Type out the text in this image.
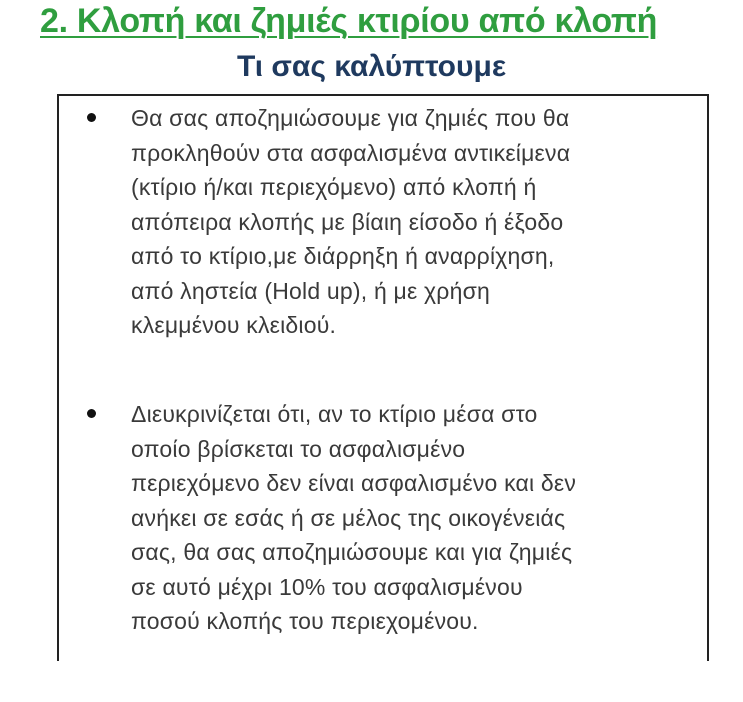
2. Κλοπή και ζημιές κτιρίου από κλοπή
Τι σας καλύπτουμε
Θα σας αποζημιώσουμε για ζημιές που θα
προκληθούν στα ασφαλισμένα αντικείμενα
(κτίριο ή/και περιεχόμενο) από κλοπή ή
απόπειρα κλοπής με βίαιη είσοδο ή έξοδο
από το κτίριο,με διάρρηξη ή αναρρίχηση,
από ληστεία (Hold up), ή με χρήση
κλεμμένου κλειδιού.
Διευκρινίζεται ότι, αν το κτίριο μέσα στο
οποίο βρίσκεται το ασφαλισμένο
περιεχόμενο δεν είναι ασφαλισμένο και δεν
ανήκει σε εσάς ή σε μέλος της οικογένειάς
σας, θα σας αποζημιώσουμε και για ζημιές
σε αυτό μέχρι 10% του ασφαλισμένου
ποσού κλοπής του περιεχομένου.
